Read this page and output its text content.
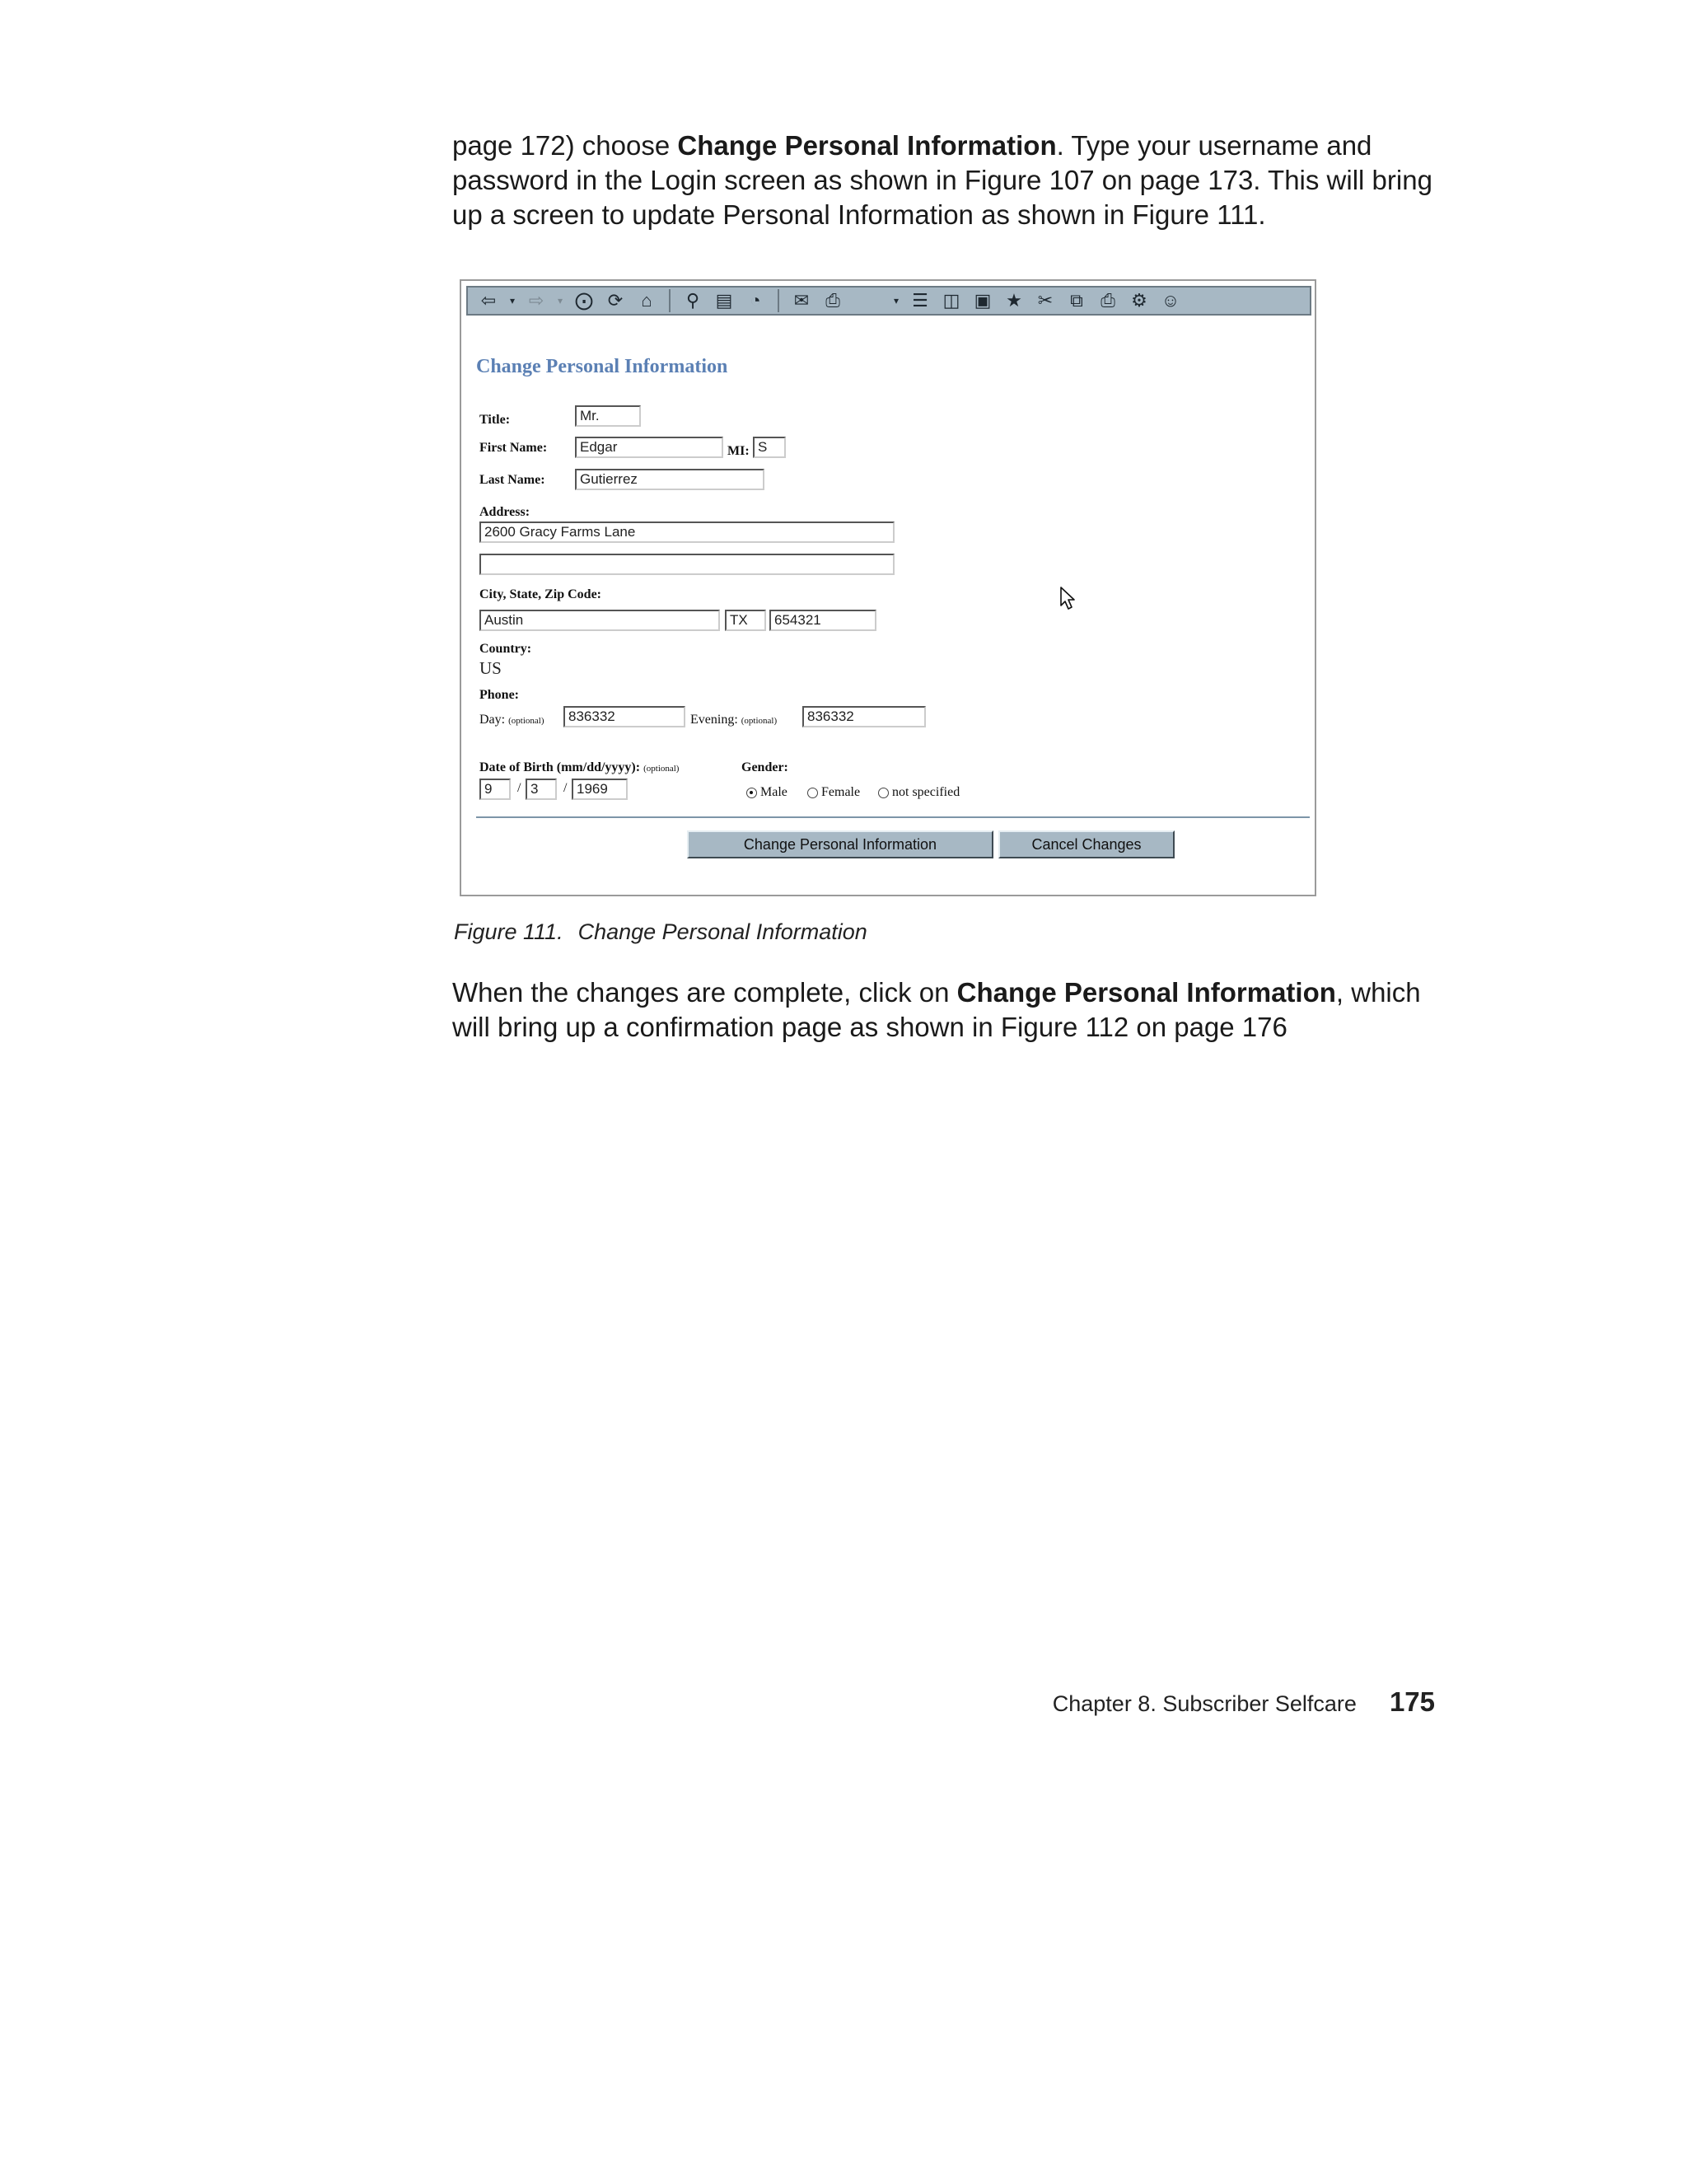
page 172) choose Change Personal Information. Type your username and password in the Login screen as shown in Figure 107 on page 173. This will bring up a screen to update Personal Information as shown in Figure 111.

⇦	▾ ⇨	▾ ⨀ ⟳	⌂	⚲ ▤ ◔	✉ ⎙	▾ ☰ ◫ ▣ ★ ✂ ⧉ ⎙ ⚙ ☺
Change Personal Information
Title:	Mr.
First Name:	Edgar	MI: S
Last Name:	Gutierrez
Address:
2600 Gracy Farms Lane
City, State, Zip Code:
Austin	TX	654321
Country:
US
Phone:
Day: (optional)	836332	Evening: (optional)	836332
Date of Birth (mm/dd/yyyy): (optional)
9	/ 3	/ 1969
Gender:
Male	Female not specified
Change Personal Information	Cancel Changes
Figure 111. Change Personal Information

When the changes are complete, click on Change Personal Information, which will bring up a confirmation page as shown in Figure 112 on page 176

Chapter 8. Subscriber Selfcare 175
